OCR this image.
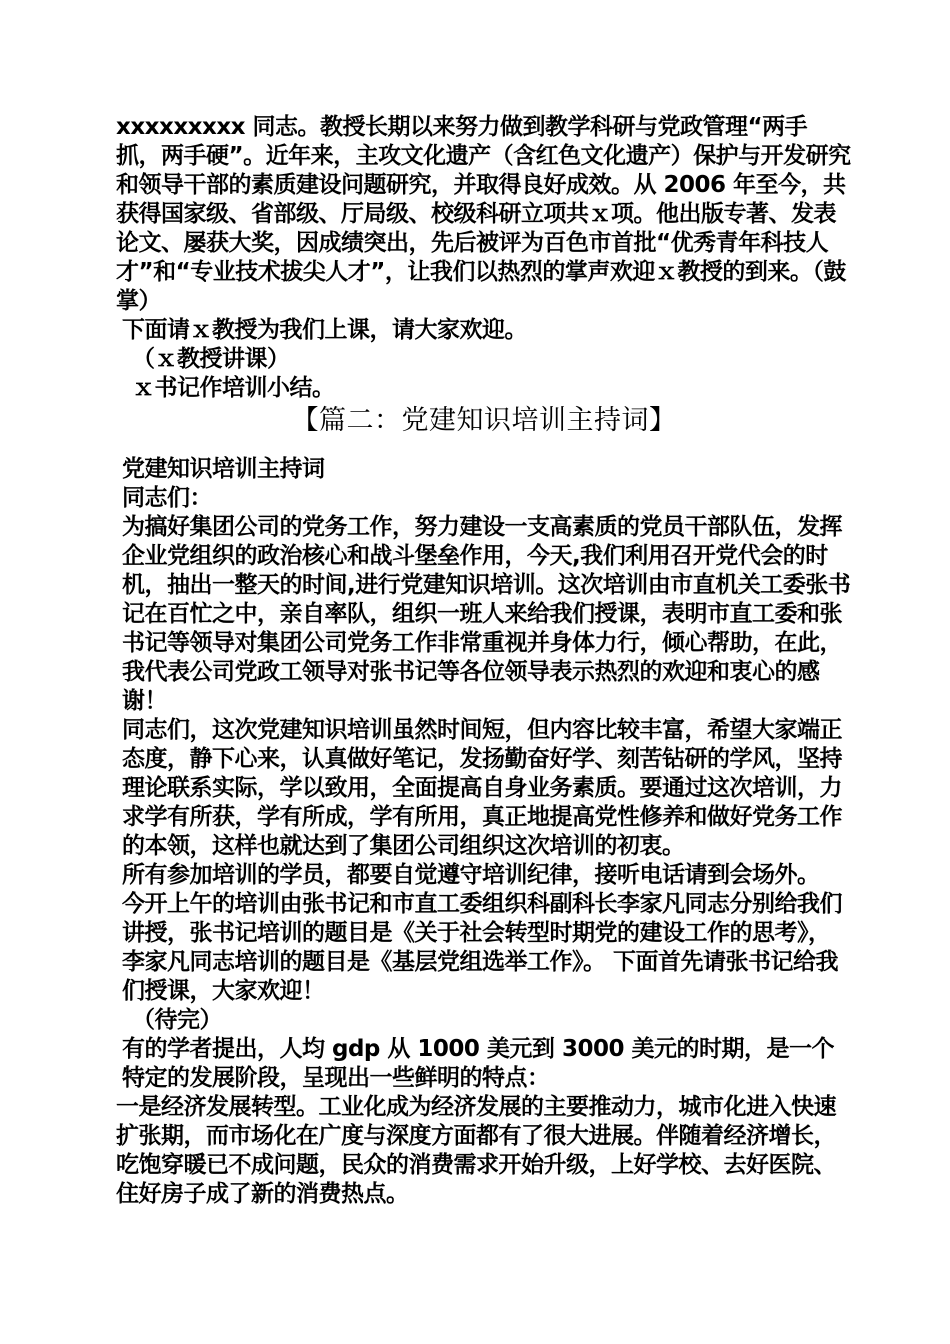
xxxxxxxxx 同志。教授长期以来努力做到教学科研与党政管理“两手抓，两手硬”。近年来，主攻文化遗产（含红色文化遗产）保护与开发研究和领导干部的素质建设问题研究，并取得良好成效。从 2006 年至今，共获得国家级、省部级、厅局级、校级科研立项共ｘ项。他出版专著、发表论文、屡获大奖，因成绩突出，先后被评为百色市首批“优秀青年科技人才”和“专业技术拔尖人才”，让我们以热烈的掌声欢迎ｘ教授的到来。（鼓掌）

下面请ｘ教授为我们上课，请大家欢迎。

（ｘ教授讲课）

ｘ书记作培训小结。

【篇二：党建知识培训主持词】

党建知识培训主持词

同志们：

为搞好集团公司的党务工作，努力建设一支高素质的党员干部队伍，发挥企业党组织的政治核心和战斗堡垒作用，今天,我们利用召开党代会的时机，抽出一整天的时间,进行党建知识培训。这次培训由市直机关工委张书记在百忙之中，亲自率队，组织一班人来给我们授课，表明市直工委和张书记等领导对集团公司党务工作非常重视并身体力行，倾心帮助，在此，我代表公司党政工领导对张书记等各位领导表示热烈的欢迎和衷心的感谢！

同志们，这次党建知识培训虽然时间短，但内容比较丰富，希望大家端正态度，静下心来，认真做好笔记，发扬勤奋好学、刻苦钻研的学风，坚持理论联系实际，学以致用，全面提高自身业务素质。要通过这次培训，力求学有所获，学有所成，学有所用，真正地提高党性修养和做好党务工作的本领，这样也就达到了集团公司组织这次培训的初衷。

所有参加培训的学员，都要自觉遵守培训纪律，接听电话请到会场外。

今开上午的培训由张书记和市直工委组织科副科长李家凡同志分别给我们讲授，张书记培训的题目是《关于社会转型时期党的建设工作的思考》，李家凡同志培训的题目是《基层党组选举工作》。 下面首先请张书记给我们授课，大家欢迎！

（待完）

有的学者提出，人均 gdp 从 1000 美元到 3000 美元的时期，是一个特定的发展阶段，呈现出一些鲜明的特点：

一是经济发展转型。工业化成为经济发展的主要推动力，城市化进入快速扩张期，而市场化在广度与深度方面都有了很大进展。伴随着经济增长，吃饱穿暖已不成问题，民众的消费需求开始升级，上好学校、去好医院、住好房子成了新的消费热点。
